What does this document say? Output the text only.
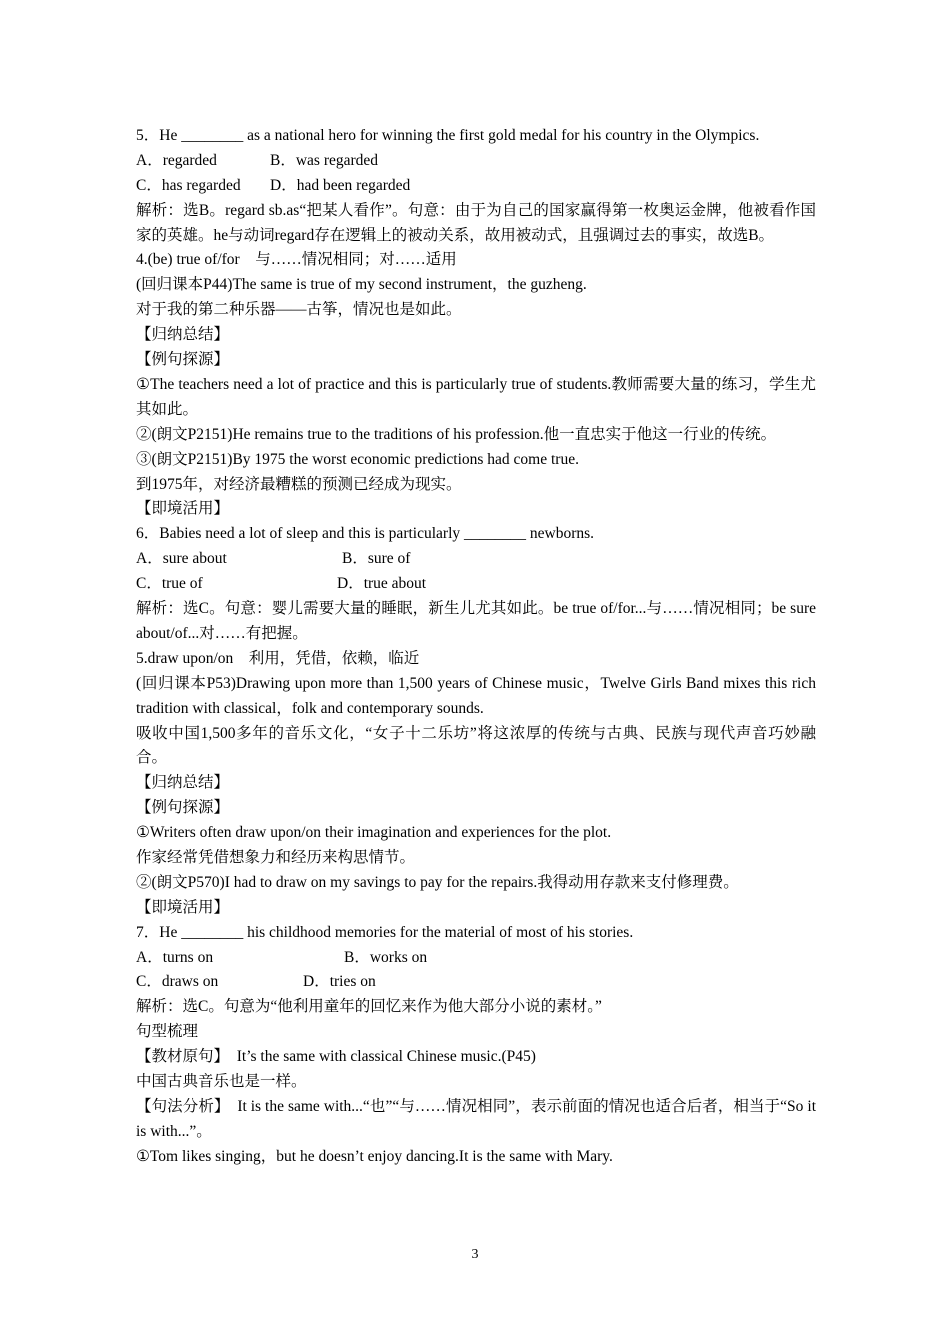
5．He ________ as a national hero for winning the first gold medal for his country in the Olympics.
A．regarded	B．was regarded
C．has regarded	D．had been regarded
解析：选B。regard sb.as“把某人看作”。句意：由于为自己的国家赢得第一枚奥运金牌，他被看作国家的英雄。he与动词regard存在逻辑上的被动关系，故用被动式，且强调过去的事实，故选B。
4.(be) true of/for　与……情况相同；对……适用
(回归课本P44)The same is true of my second instrument，the guzheng.
对于我的第二种乐器——古筝，情况也是如此。
【归纳总结】
【例句探源】
①The teachers need a lot of practice and this is particularly true of students.教师需要大量的练习，学生尤其如此。
②(朗文P2151)He remains true to the traditions of his profession.他一直忠实于他这一行业的传统。
③(朗文P2151)By 1975 the worst economic predictions had come true.
到1975年，对经济最糟糕的预测已经成为现实。
【即境活用】
6．Babies need a lot of sleep and this is particularly ________ newborns.
A．sure about	B．sure of
C．true of	D．true about
解析：选C。句意：婴儿需要大量的睡眠，新生儿尤其如此。be true of/for...与……情况相同；be sure about/of...对……有把握。
5.draw upon/on　利用，凭借，依赖，临近
(回归课本P53)Drawing upon more than 1,500 years of Chinese music，Twelve Girls Band mixes this rich tradition with classical，folk and contemporary sounds.
吸收中国1,500多年的音乐文化，“女子十二乐坊”将这浓厚的传统与古典、民族与现代声音巧妙融合。
【归纳总结】
【例句探源】
①Writers often draw upon/on their imagination and experiences for the plot.
作家经常凭借想象力和经历来构思情节。
②(朗文P570)I had to draw on my savings to pay for the repairs.我得动用存款来支付修理费。
【即境活用】
7．He ________ his childhood memories for the material of most of his stories.
A．turns on	B．works on
C．draws on	D．tries on
解析：选C。句意为“他利用童年的回忆来作为他大部分小说的素材。”
句型梳理
【教材原句】　It’s the same with classical Chinese music.(P45)
中国古典音乐也是一样。
【句法分析】　It is the same with...“也”“与……情况相同”，表示前面的情况也适合后者，相当于“So it is with...”。
①Tom likes singing，but he doesn’t enjoy dancing.It is the same with Mary.
3
